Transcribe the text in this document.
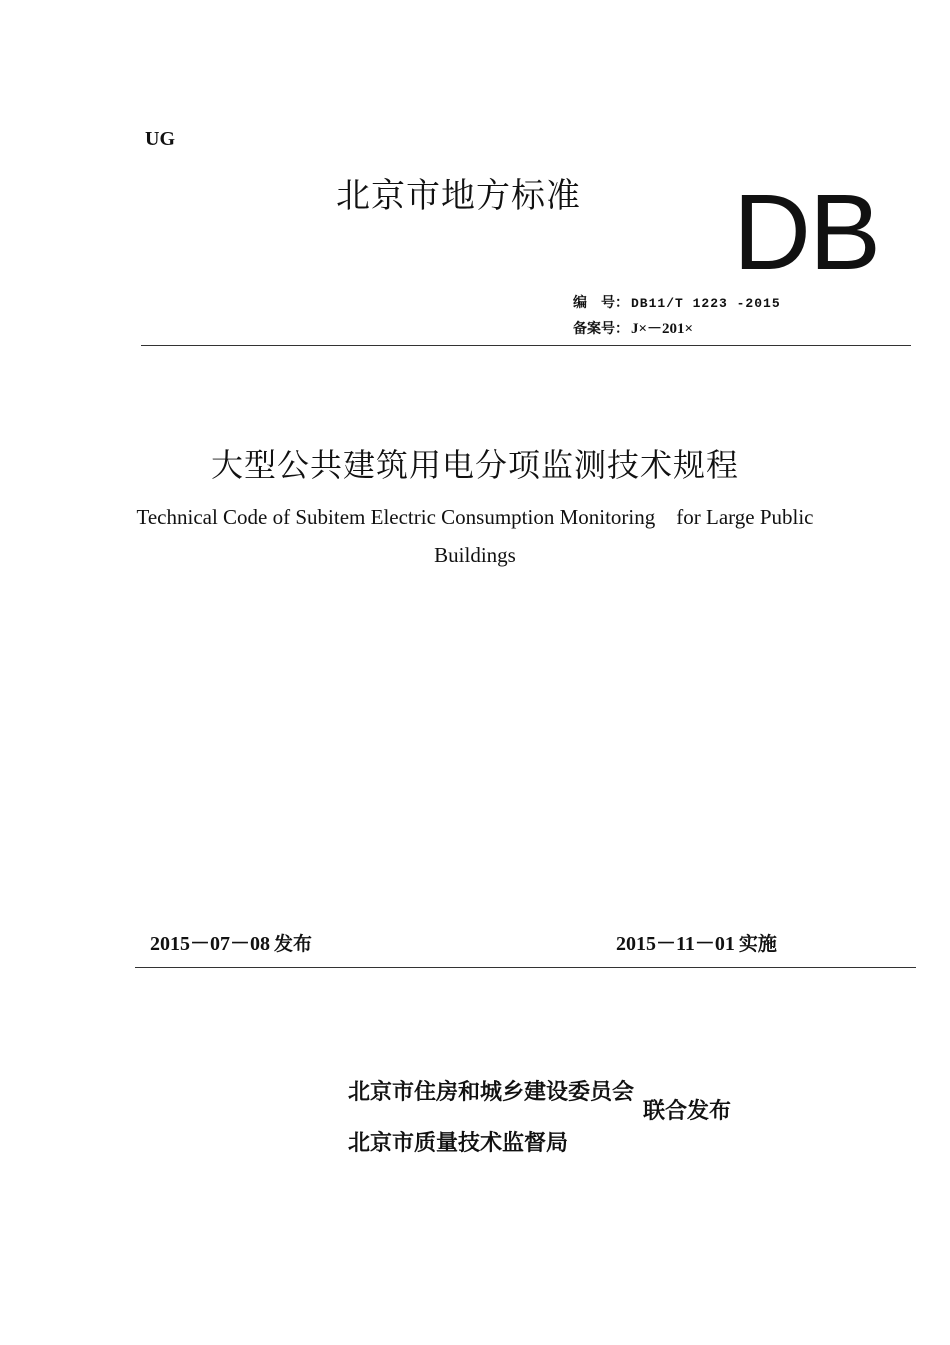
UG
北京市地方标准 DB
编　号： DB11/T 1223 -2015
备案号： J×－201×
大型公共建筑用电分项监测技术规程
Technical Code of Subitem Electric Consumption Monitoring　for Large Public Buildings
2015－07－08 发布	2015－11－01 实施
北京市住房和城乡建设委员会
北京市质量技术监督局
联合发布
